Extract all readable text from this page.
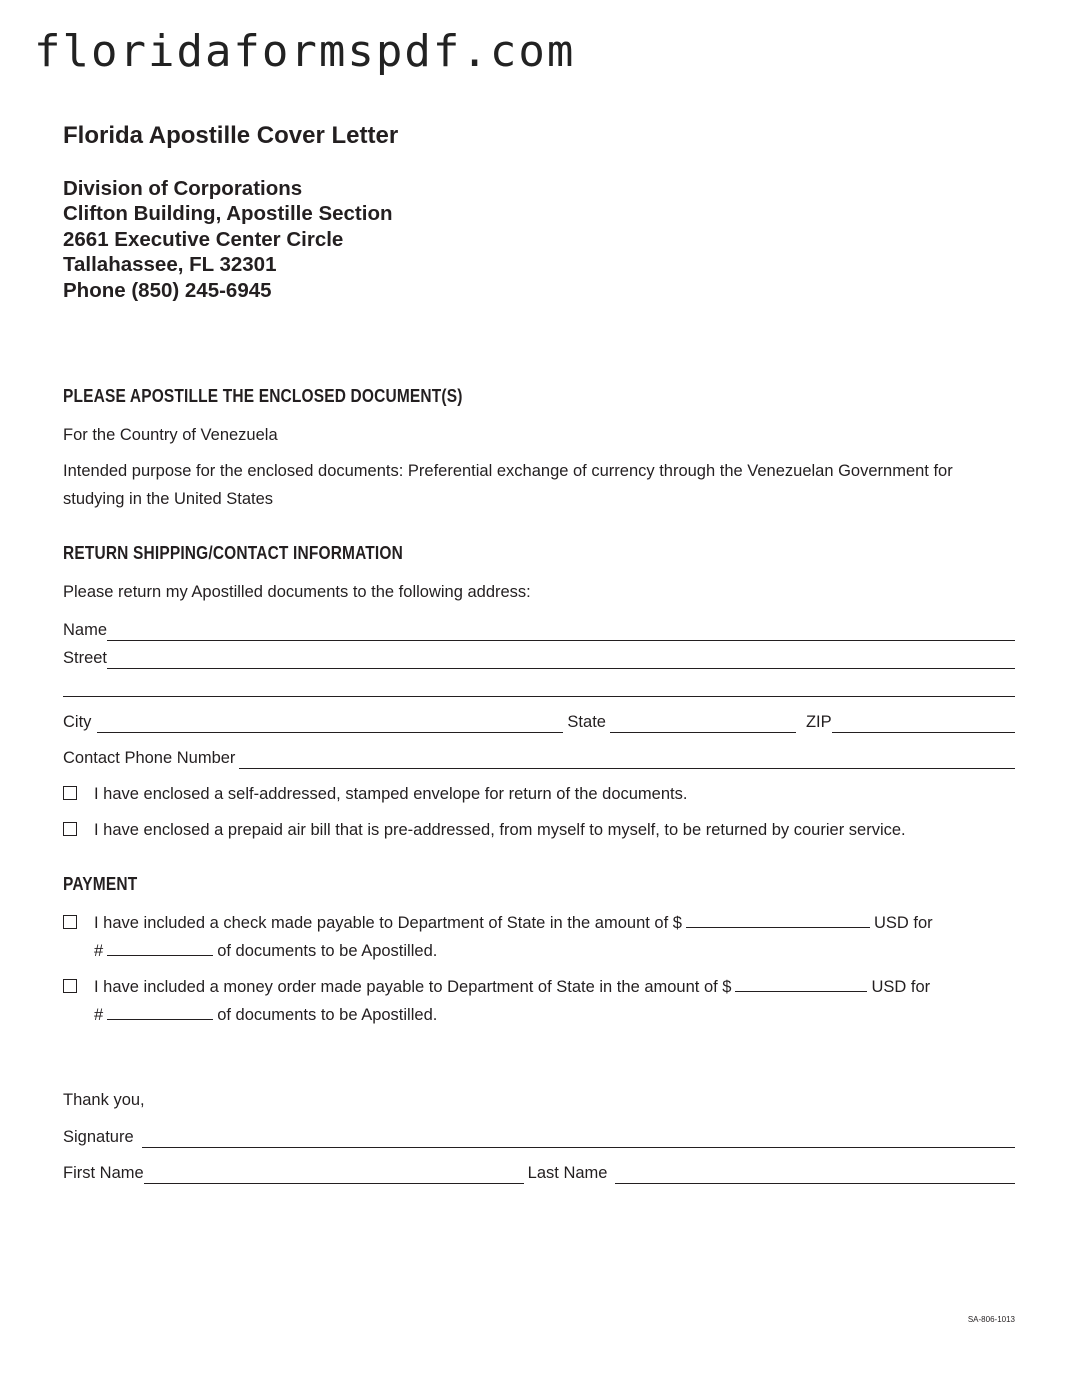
floridaformspdf.com
Florida Apostille Cover Letter
Division of Corporations
Clifton Building, Apostille Section
2661 Executive Center Circle
Tallahassee, FL 32301
Phone (850) 245-6945
PLEASE APOSTILLE THE ENCLOSED DOCUMENT(S)
For the Country of Venezuela
Intended purpose for the enclosed documents: Preferential exchange of currency through the Venezuelan Government for studying in the United States
RETURN SHIPPING/CONTACT INFORMATION
Please return my Apostilled documents to the following address:
Name
Street
City	State	ZIP
Contact Phone Number
I have enclosed a self-addressed, stamped envelope for return of the documents.
I have enclosed a prepaid air bill that is pre-addressed, from myself to myself, to be returned by courier service.
PAYMENT
I have included a check made payable to Department of State in the amount of $	USD for
#	of documents to be Apostilled.
I have included a money order made payable to Department of State in the amount of $	USD for
#	of documents to be Apostilled.
Thank you,
Signature
First Name	Last Name
SA-806-1013
